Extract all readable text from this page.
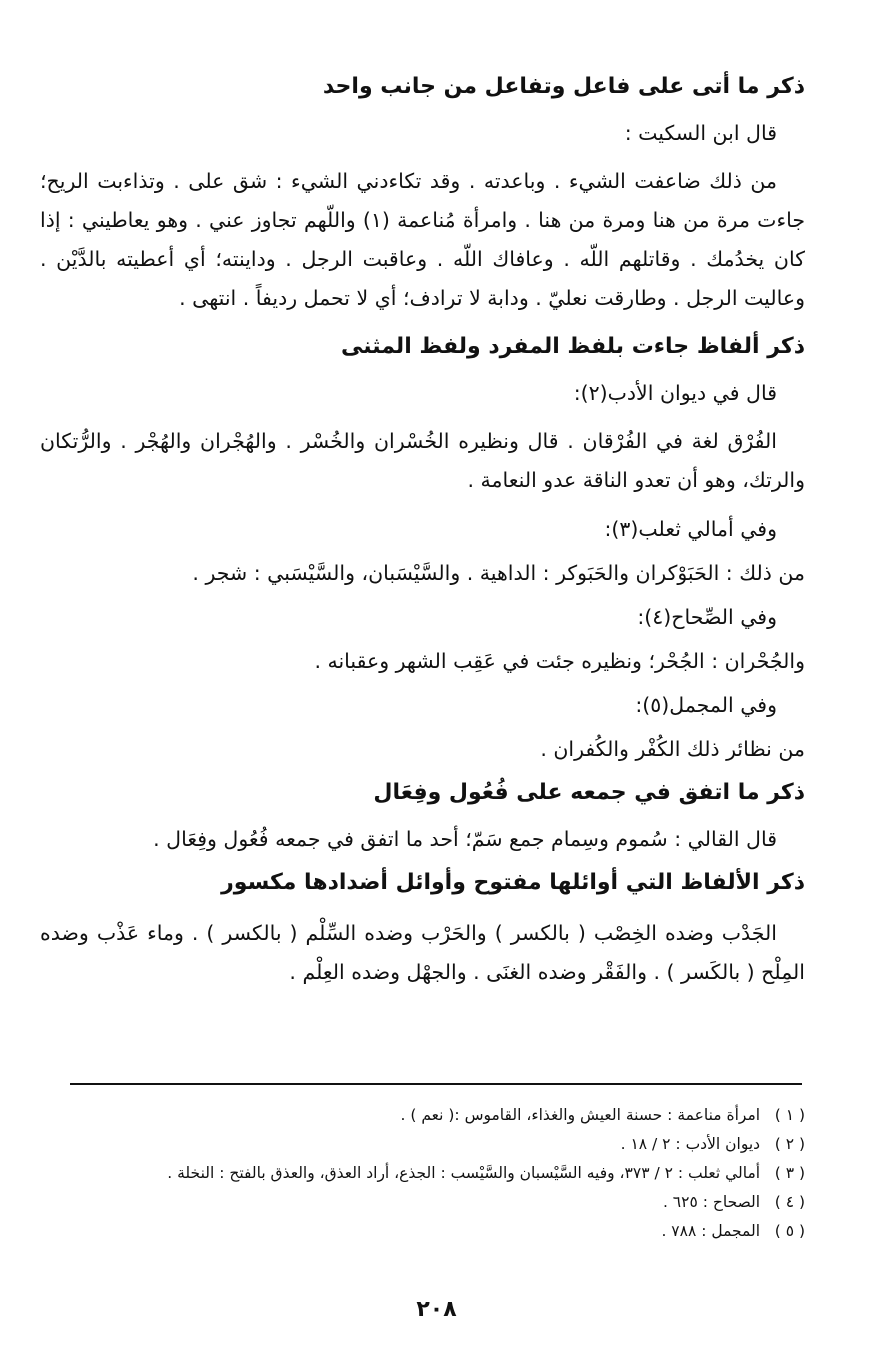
ذكر ما أتى على فاعل وتفاعل من جانب واحد
قال ابن السكيت :
من ذلك ضاعفت الشيء . وباعدته . وقد تكاءدني الشيء : شق على . وتذاءبت الريح؛ جاءت مرة من هنا ومرة من هنا . وامرأة مُناعمة (١) واللّهم تجاوز عني . وهو يعاطيني : إذا كان يخدُمك . وقاتلهم اللّه . وعافاك اللّه . وعاقبت الرجل . وداينته؛ أي أعطيته بالدَّيْن . وعاليت الرجل . وطارقت نعليّ . ودابة لا ترادف؛ أي لا تحمل رديفاً . انتهى .
ذكر ألفاظ جاءت بلفظ المفرد ولفظ المثنى
قال في ديوان الأدب(٢):
الفُرْق لغة في الفُرْقان . قال ونظيره الخُسْران والخُسْر . والهُجْران والهُجْر . والرُّتكان والرتك، وهو أن تعدو الناقة عدو النعامة .
وفي أمالي ثعلب(٣):
من ذلك : الحَبَوْكران والحَبَوكر : الداهية . والسَّيْسَبان، والسَّيْسَبي : شجر .
وفي الصِّحاح(٤):
والجُحْران : الجُحْر؛ ونظيره جئت في عَقِب الشهر وعقبانه .
وفي المجمل(٥):
من نظائر ذلك الكُفْر والكُفران .
ذكر ما اتفق في جمعه على فُعُول وفِعَال
قال القالي : سُموم وسِمام جمع سَمّ؛ أحد ما اتفق في جمعه فُعُول وفِعَال .
ذكر الألفاظ التي أوائلها مفتوح وأوائل أضدادها مكسور
الجَدْب وضده الخِصْب ( بالكسر ) والحَرْب وضده السِّلْم ( بالكسر ) . وماء عَذْب وضده المِلْح ( بالكَسر ) . والفَقْر وضده الغنَى . والجهْل وضده العِلْم .

( ١ ) امرأة مناعمة : حسنة العيش والغذاء، القاموس :( نعم ) .

( ٢ ) ديوان الأدب : ٢ / ١٨ .

( ٣ ) أمالي ثعلب : ٢ / ٣٧٣، وفيه السَّيْسبان والسَّيْسب : الجذع، أراد العذق، والعذق بالفتح : النخلة .

( ٤ ) الصحاح : ٦٢٥ .

( ٥ ) المجمل : ٧٨٨ .

٢٠٨
